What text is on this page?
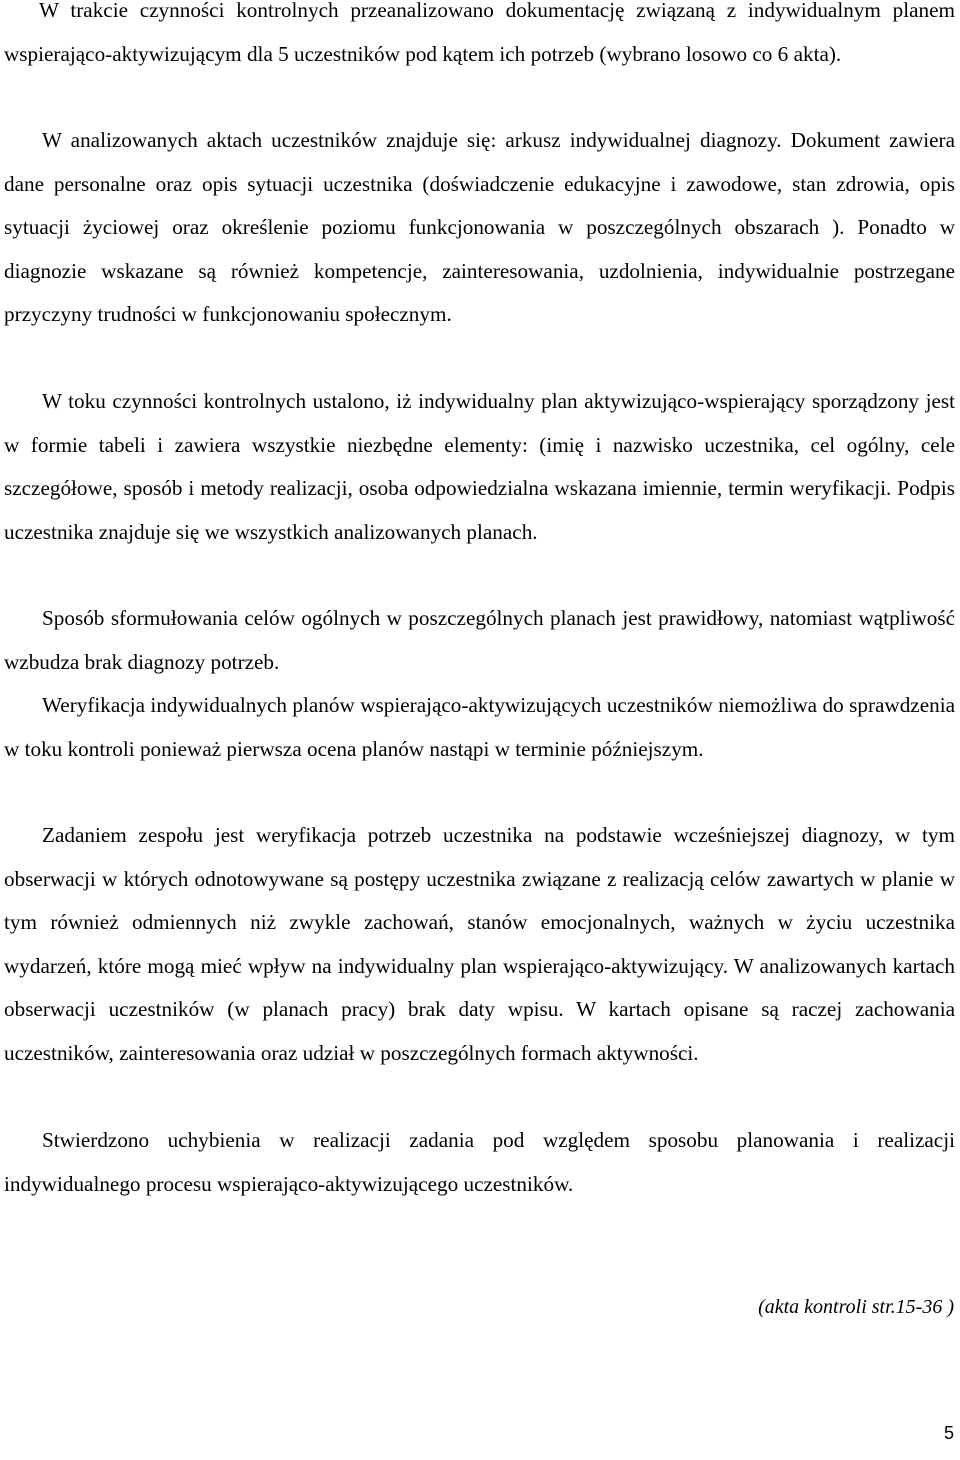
W trakcie czynności kontrolnych przeanalizowano dokumentację związaną z indywidualnym planem wspierająco-aktywizującym dla 5 uczestników pod kątem ich potrzeb (wybrano losowo co 6 akta).

W analizowanych aktach uczestników znajduje się: arkusz indywidualnej diagnozy. Dokument zawiera dane personalne oraz opis sytuacji uczestnika (doświadczenie edukacyjne i zawodowe, stan zdrowia, opis sytuacji życiowej oraz określenie poziomu funkcjonowania w poszczególnych obszarach ). Ponadto w diagnozie wskazane są również kompetencje, zainteresowania, uzdolnienia, indywidualnie postrzegane przyczyny trudności w funkcjonowaniu społecznym.

W toku czynności kontrolnych ustalono, iż indywidualny plan aktywizująco-wspierający sporządzony jest w formie tabeli i zawiera wszystkie niezbędne elementy: (imię i nazwisko uczestnika, cel ogólny, cele szczegółowe, sposób i metody realizacji, osoba odpowiedzialna wskazana imiennie, termin weryfikacji. Podpis uczestnika znajduje się we wszystkich analizowanych planach.

Sposób sformułowania celów ogólnych w poszczególnych planach jest prawidłowy, natomiast wątpliwość wzbudza brak diagnozy potrzeb.

Weryfikacja indywidualnych planów wspierająco-aktywizujących uczestników niemożliwa do sprawdzenia w toku kontroli ponieważ pierwsza ocena planów nastąpi w terminie późniejszym.

Zadaniem zespołu jest weryfikacja potrzeb uczestnika na podstawie wcześniejszej diagnozy, w tym obserwacji w których odnotowywane są postępy uczestnika związane z realizacją celów zawartych w planie w tym również odmiennych niż zwykle zachowań, stanów emocjonalnych, ważnych w życiu uczestnika wydarzeń, które mogą mieć wpływ na indywidualny plan wspierająco-aktywizujący. W analizowanych kartach obserwacji uczestników (w planach pracy) brak daty wpisu. W kartach opisane są raczej zachowania uczestników, zainteresowania oraz udział w poszczególnych formach aktywności.

Stwierdzono uchybienia w realizacji zadania pod względem sposobu planowania i realizacji indywidualnego procesu wspierająco-aktywizującego uczestników.

(akta kontroli str.15-36 )

5
